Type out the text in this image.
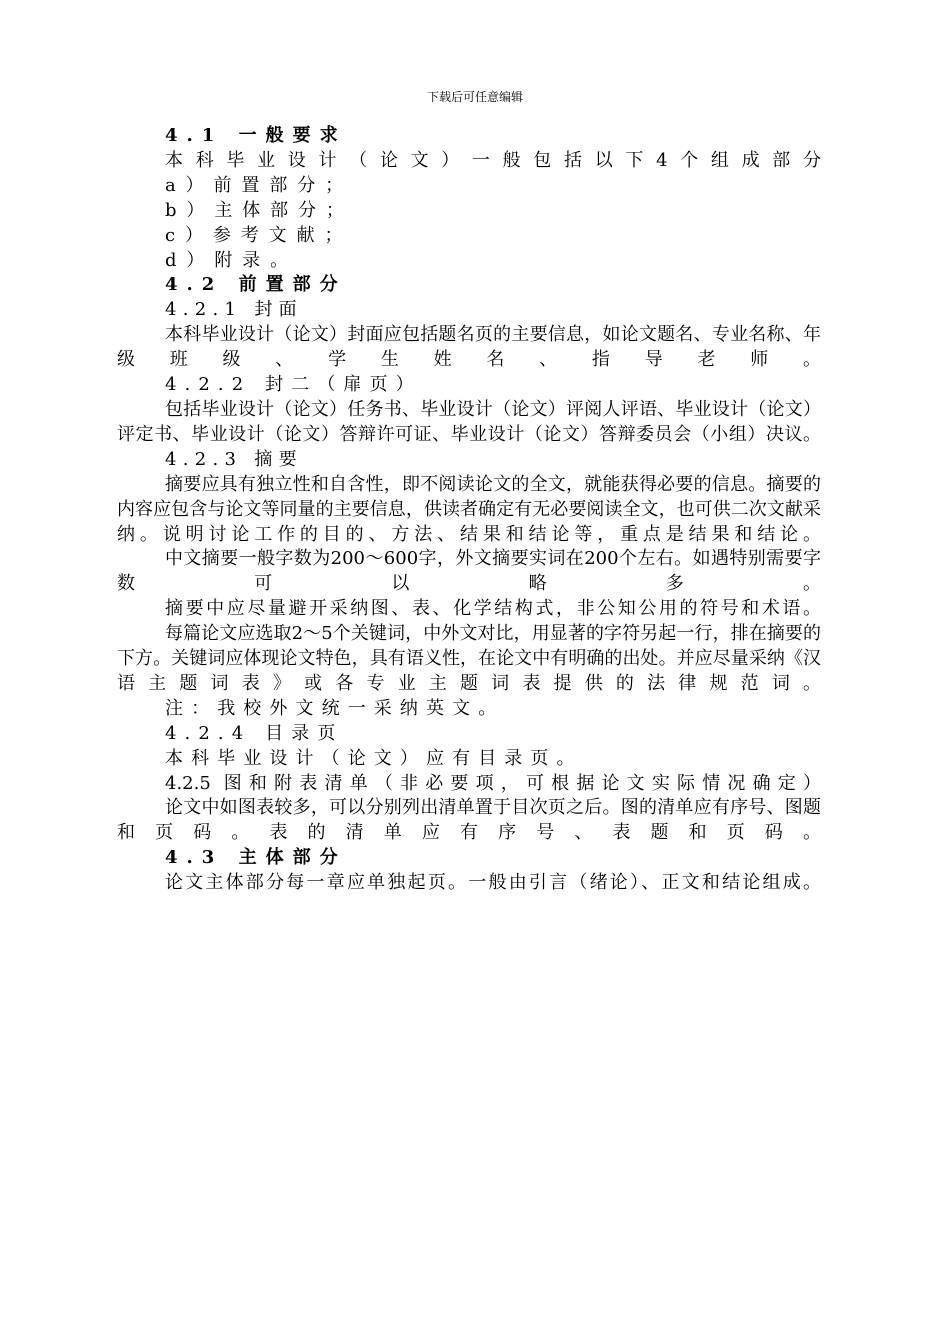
下载后可任意编辑

4.1 一般要求

本科毕业设计（论文）一般包括以下4个组成部分

a）前置部分；

b）主体部分；

c）参考文献；

d）附录。

4.2 前置部分

4.2.1 封面

本科毕业设计（论文）封面应包括题名页的主要信息，如论文题名、专业名称、年级班级、学生姓名、指导老师。

4.2.2 封二（扉页）

包括毕业设计（论文）任务书、毕业设计（论文）评阅人评语、毕业设计（论文）评定书、毕业设计（论文）答辩许可证、毕业设计（论文）答辩委员会（小组）决议。

4.2.3 摘要

摘要应具有独立性和自含性，即不阅读论文的全文，就能获得必要的信息。摘要的内容应包含与论文等同量的主要信息，供读者确定有无必要阅读全文，也可供二次文献采纳。说明讨论工作的目的、方法、结果和结论等，重点是结果和结论。

中文摘要一般字数为200～600字，外文摘要实词在200个左右。如遇特别需要字数可以略多。

摘要中应尽量避开采纳图、表、化学结构式，非公知公用的符号和术语。

每篇论文应选取2～5个关键词，中外文对比，用显著的字符另起一行，排在摘要的下方。关键词应体现论文特色，具有语义性，在论文中有明确的出处。并应尽量采纳《汉语主题词表》或各专业主题词表提供的法律规范词。

注：我校外文统一采纳英文。

4.2.4 目录页

本科毕业设计（论文）应有目录页。

4.2.5 图和附表清单（非必要项，可根据论文实际情况确定）

论文中如图表较多，可以分别列出清单置于目次页之后。图的清单应有序号、图题和页码。表的清单应有序号、表题和页码。

4.3 主体部分

论文主体部分每一章应单独起页。一般由引言（绪论）、正文和结论组成。
